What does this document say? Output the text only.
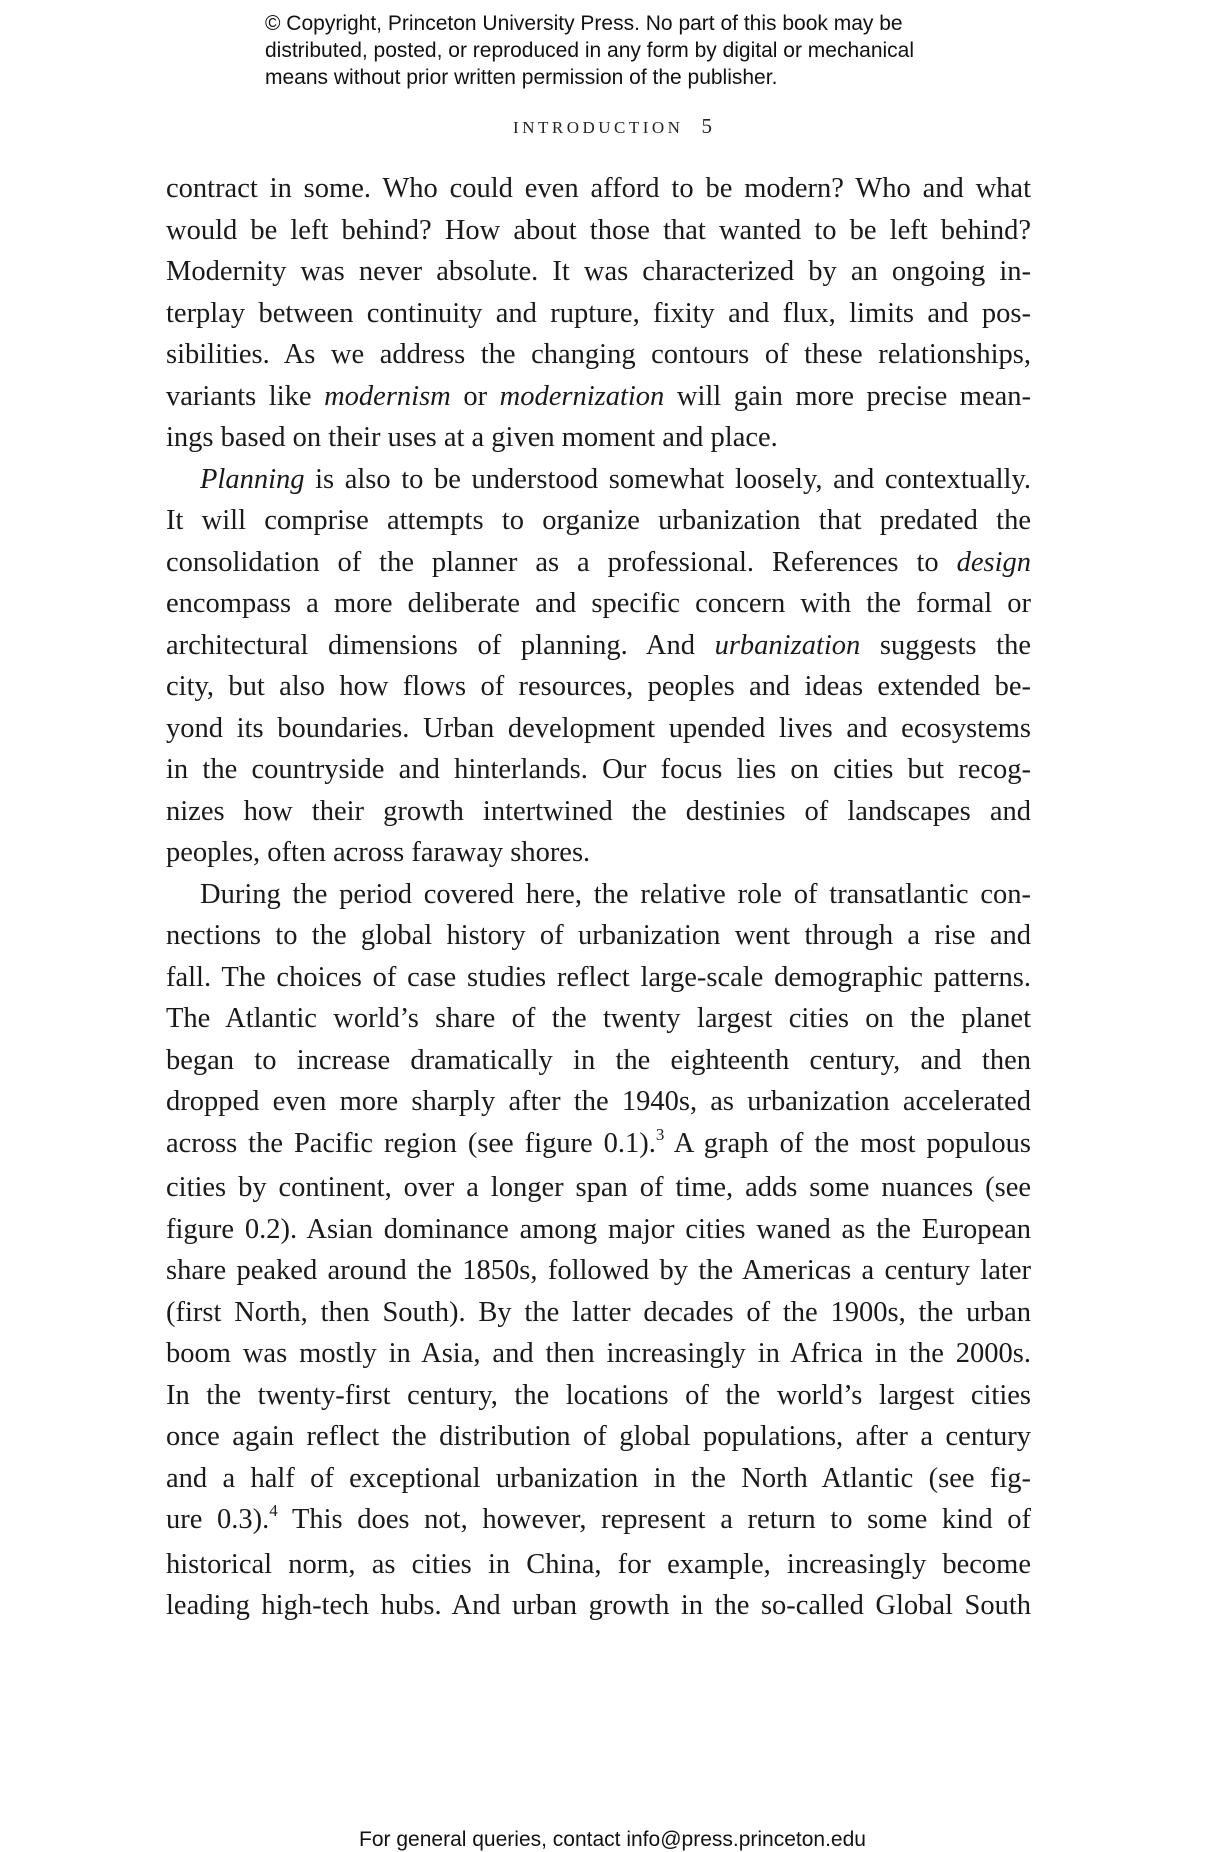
© Copyright, Princeton University Press. No part of this book may be
distributed, posted, or reproduced in any form by digital or mechanical
means without prior written permission of the publisher.
INTRODUCTION 5
contract in some. Who could even afford to be modern? Who and what
would be left behind? How about those that wanted to be left behind?
Modernity was never absolute. It was characterized by an ongoing in-
terplay between continuity and rupture, fixity and flux, limits and pos-
sibilities. As we address the changing contours of these relationships,
variants like modernism or modernization will gain more precise mean-
ings based on their uses at a given moment and place.
Planning is also to be understood somewhat loosely, and contextually.
It will comprise attempts to organize urbanization that predated the
consolidation of the planner as a professional. References to design
encompass a more deliberate and specific concern with the formal or
architectural dimensions of planning. And urbanization suggests the
city, but also how flows of resources, peoples and ideas extended be-
yond its boundaries. Urban development upended lives and ecosystems
in the countryside and hinterlands. Our focus lies on cities but recog-
nizes how their growth intertwined the destinies of landscapes and
peoples, often across faraway shores.
During the period covered here, the relative role of transatlantic con-
nections to the global history of urbanization went through a rise and
fall. The choices of case studies reflect large-scale demographic patterns.
The Atlantic world’s share of the twenty largest cities on the planet
began to increase dramatically in the eighteenth century, and then
dropped even more sharply after the 1940s, as urbanization accelerated
across the Pacific region (see figure 0.1).$^3$ A graph of the most populous
cities by continent, over a longer span of time, adds some nuances (see
figure 0.2). Asian dominance among major cities waned as the European
share peaked around the 1850s, followed by the Americas a century later
(first North, then South). By the latter decades of the 1900s, the urban
boom was mostly in Asia, and then increasingly in Africa in the 2000s.
In the twenty-first century, the locations of the world’s largest cities
once again reflect the distribution of global populations, after a century
and a half of exceptional urbanization in the North Atlantic (see fig-
ure 0.3).$^4$ This does not, however, represent a return to some kind of
historical norm, as cities in China, for example, increasingly become
leading high-tech hubs. And urban growth in the so-called Global South
For general queries, contact info@press.princeton.edu
